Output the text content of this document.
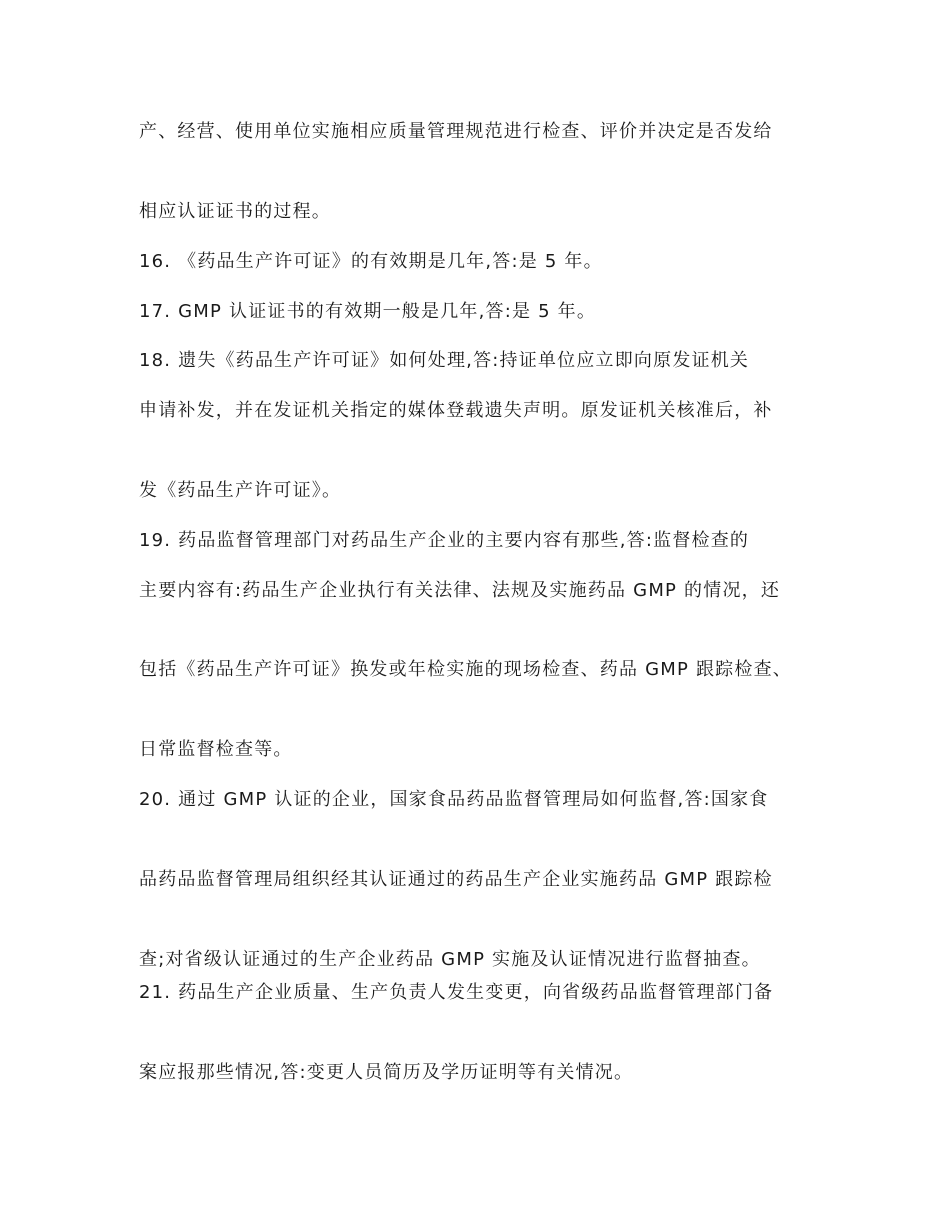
产、经营、使用单位实施相应质量管理规范进行检查、评价并决定是否发给
相应认证证书的过程。
16. 《药品生产许可证》的有效期是几年,答:是 5 年。
17. GMP 认证证书的有效期一般是几年,答:是 5 年。
18. 遗失《药品生产许可证》如何处理,答:持证单位应立即向原发证机关
申请补发，并在发证机关指定的媒体登载遗失声明。原发证机关核准后，补
发《药品生产许可证》。
19. 药品监督管理部门对药品生产企业的主要内容有那些,答:监督检查的
主要内容有:药品生产企业执行有关法律、法规及实施药品 GMP 的情况，还
包括《药品生产许可证》换发或年检实施的现场检查、药品 GMP 跟踪检查、
日常监督检查等。
20. 通过 GMP 认证的企业，国家食品药品监督管理局如何监督,答:国家食
品药品监督管理局组织经其认证通过的药品生产企业实施药品 GMP 跟踪检
查;对省级认证通过的生产企业药品 GMP 实施及认证情况进行监督抽查。
21. 药品生产企业质量、生产负责人发生变更，向省级药品监督管理部门备
案应报那些情况,答:变更人员简历及学历证明等有关情况。
